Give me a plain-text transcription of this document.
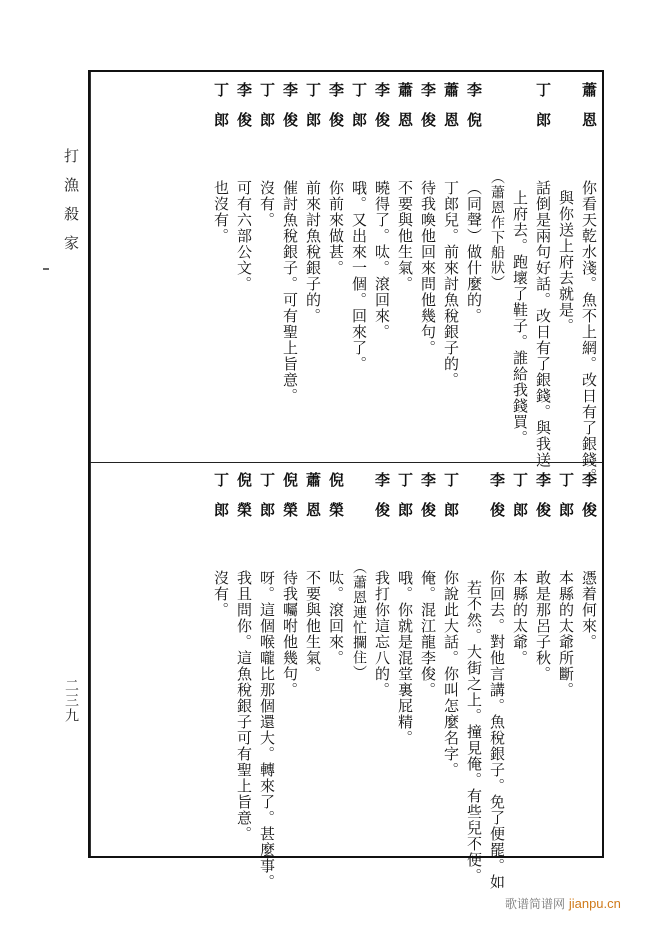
打漁殺家
二三九
蕭　恩你看天乾水淺。魚不上網。改日有了銀錢。
與你送上府去就是。
丁　郎話倒是兩句好話。改日有了銀錢。與我送
上府去。跑壞了鞋子。誰給我錢買。
（蕭恩作下船狀）
李　倪（同聲）做什麼的。
蕭　恩丁郎兒。前來討魚稅銀子的。
李　俊待我喚他回來問他幾句。
蕭　恩不要與他生氣。
李　俊曉得了。呔。滾回來。
丁　郎哦。又出來一個。回來了。
李　俊你前來做甚。
丁　郎前來討魚稅銀子的。
李　俊催討魚稅銀子。可有聖上旨意。
丁　郎沒有。
李　俊可有六部公文。
丁　郎也沒有。
李　俊憑着何來。
丁　郎本縣的太爺所斷。
李　俊敢是那呂子秋。
丁　郎本縣的太爺。
李　俊你回去。對他言講。魚稅銀子。免了便罷。如
若不然。大街之上。撞見俺。有些兒不便。
丁　郎你說此大話。你叫怎麼名字。
李　俊俺。混江龍李俊。
丁　郎哦。你就是混堂裏屁精。
李　俊我打你這忘八的。
（蕭恩連忙攔住）
倪　榮呔。滾回來。
蕭　恩不要與他生氣。
倪　榮待我囑咐他幾句。
丁　郎呀。這個喉嚨比那個還大。轉來了。甚麼事。
倪　榮我且問你。這魚稅銀子可有聖上旨意。
丁　郎沒有。
歌谱简谱网 jianpu.cn
